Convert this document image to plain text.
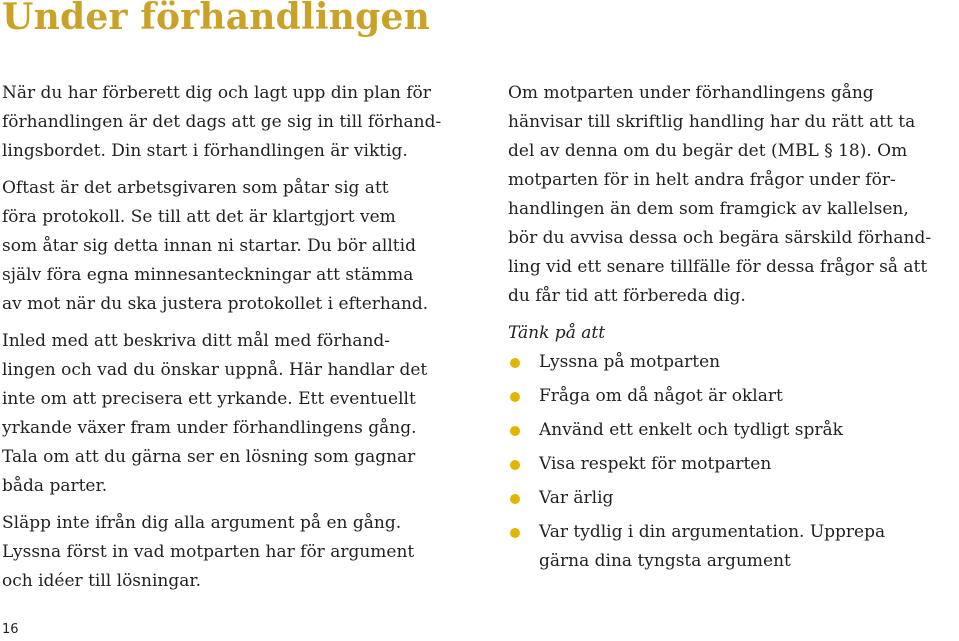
Under förhandlingen

När du har förberett dig och lagt upp din plan för
förhandlingen är det dags att ge sig in till förhand-
lingsbordet. Din start i förhandlingen är viktig.

Oftast är det arbetsgivaren som påtar sig att
föra protokoll. Se till att det är klartgjort vem
som åtar sig detta innan ni startar. Du bör alltid
själv föra egna minnesanteckningar att stämma
av mot när du ska justera protokollet i efterhand.

Inled med att beskriva ditt mål med förhand-
lingen och vad du önskar uppnå. Här handlar det
inte om att precisera ett yrkande. Ett eventuellt
yrkande växer fram under förhandlingens gång.
Tala om att du gärna ser en lösning som gagnar
båda parter.

Släpp inte ifrån dig alla argument på en gång.
Lyssna först in vad motparten har för argument
och idéer till lösningar.

Om motparten under förhandlingens gång
hänvisar till skriftlig handling har du rätt att ta
del av denna om du begär det (MBL § 18). Om
motparten för in helt andra frågor under för-
handlingen än dem som framgick av kallelsen,
bör du avvisa dessa och begära särskild förhand-
ling vid ett senare tillfälle för dessa frågor så att
du får tid att förbereda dig.

Tänk på att

Lyssna på motparten
Fråga om då något är oklart
Använd ett enkelt och tydligt språk
Visa respekt för motparten
Var ärlig
Var tydlig i din argumentation. Upprepa
gärna dina tyngsta argument
16
